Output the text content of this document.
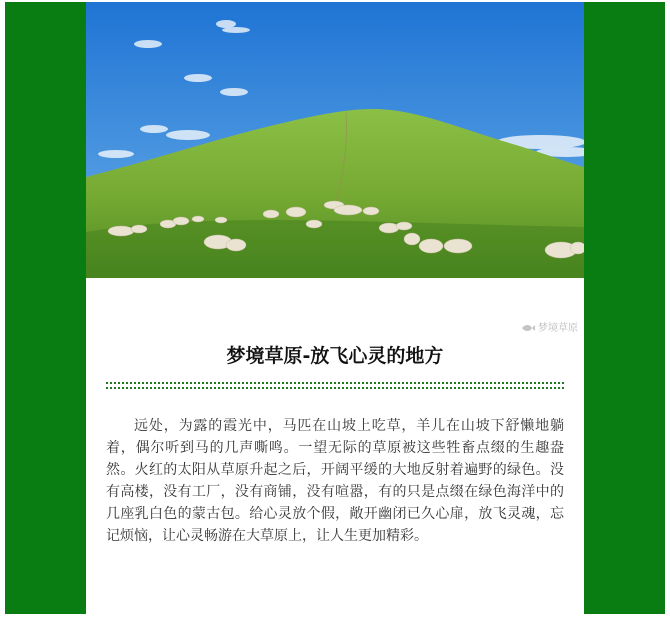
梦境草原
梦境草原-放飞心灵的地方

远处，为露的霞光中，马匹在山坡上吃草，羊儿在山坡下舒懒地躺着，偶尔听到马的几声嘶鸣。一望无际的草原被这些牲畜点缀的生趣盎然。火红的太阳从草原升起之后，开阔平缓的大地反射着遍野的绿色。没有高楼，没有工厂，没有商铺，没有喧嚣，有的只是点缀在绿色海洋中的几座乳白色的蒙古包。给心灵放个假，敞开幽闭已久心扉，放飞灵魂，忘记烦恼，让心灵畅游在大草原上，让人生更加精彩。
